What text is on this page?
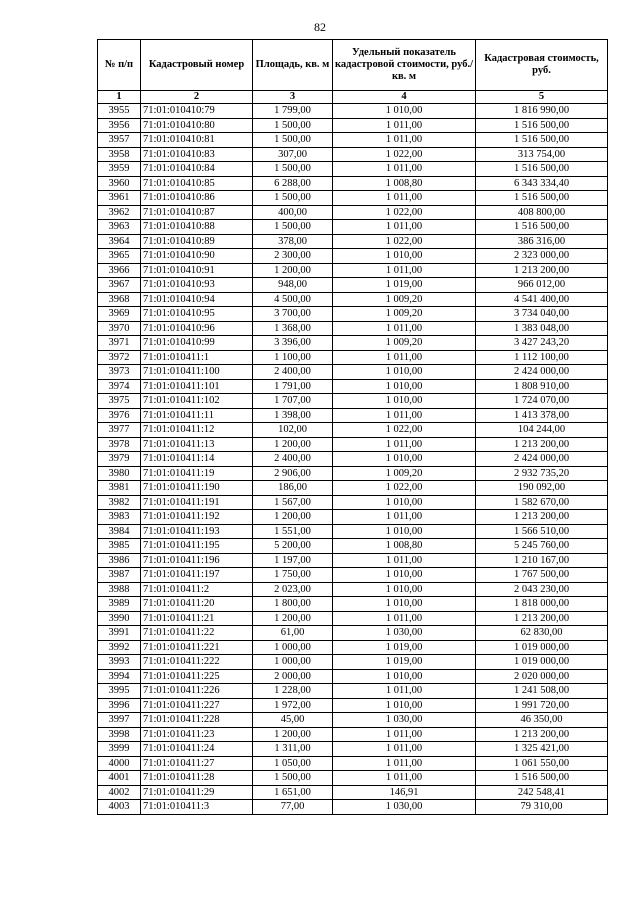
82
№ п/п	Кадастровый номер	Площадь, кв. м	Удельный показатель кадастровой стоимости, руб./кв. м	Кадастровая стоимость, руб.
1	2	3	4	5
3955	71:01:010410:79	1 799,00	1 010,00	1 816 990,00
3956	71:01:010410:80	1 500,00	1 011,00	1 516 500,00
3957	71:01:010410:81	1 500,00	1 011,00	1 516 500,00
3958	71:01:010410:83	307,00	1 022,00	313 754,00
3959	71:01:010410:84	1 500,00	1 011,00	1 516 500,00
3960	71:01:010410:85	6 288,00	1 008,80	6 343 334,40
3961	71:01:010410:86	1 500,00	1 011,00	1 516 500,00
3962	71:01:010410:87	400,00	1 022,00	408 800,00
3963	71:01:010410:88	1 500,00	1 011,00	1 516 500,00
3964	71:01:010410:89	378,00	1 022,00	386 316,00
3965	71:01:010410:90	2 300,00	1 010,00	2 323 000,00
3966	71:01:010410:91	1 200,00	1 011,00	1 213 200,00
3967	71:01:010410:93	948,00	1 019,00	966 012,00
3968	71:01:010410:94	4 500,00	1 009,20	4 541 400,00
3969	71:01:010410:95	3 700,00	1 009,20	3 734 040,00
3970	71:01:010410:96	1 368,00	1 011,00	1 383 048,00
3971	71:01:010410:99	3 396,00	1 009,20	3 427 243,20
3972	71:01:010411:1	1 100,00	1 011,00	1 112 100,00
3973	71:01:010411:100	2 400,00	1 010,00	2 424 000,00
3974	71:01:010411:101	1 791,00	1 010,00	1 808 910,00
3975	71:01:010411:102	1 707,00	1 010,00	1 724 070,00
3976	71:01:010411:11	1 398,00	1 011,00	1 413 378,00
3977	71:01:010411:12	102,00	1 022,00	104 244,00
3978	71:01:010411:13	1 200,00	1 011,00	1 213 200,00
3979	71:01:010411:14	2 400,00	1 010,00	2 424 000,00
3980	71:01:010411:19	2 906,00	1 009,20	2 932 735,20
3981	71:01:010411:190	186,00	1 022,00	190 092,00
3982	71:01:010411:191	1 567,00	1 010,00	1 582 670,00
3983	71:01:010411:192	1 200,00	1 011,00	1 213 200,00
3984	71:01:010411:193	1 551,00	1 010,00	1 566 510,00
3985	71:01:010411:195	5 200,00	1 008,80	5 245 760,00
3986	71:01:010411:196	1 197,00	1 011,00	1 210 167,00
3987	71:01:010411:197	1 750,00	1 010,00	1 767 500,00
3988	71:01:010411:2	2 023,00	1 010,00	2 043 230,00
3989	71:01:010411:20	1 800,00	1 010,00	1 818 000,00
3990	71:01:010411:21	1 200,00	1 011,00	1 213 200,00
3991	71:01:010411:22	61,00	1 030,00	62 830,00
3992	71:01:010411:221	1 000,00	1 019,00	1 019 000,00
3993	71:01:010411:222	1 000,00	1 019,00	1 019 000,00
3994	71:01:010411:225	2 000,00	1 010,00	2 020 000,00
3995	71:01:010411:226	1 228,00	1 011,00	1 241 508,00
3996	71:01:010411:227	1 972,00	1 010,00	1 991 720,00
3997	71:01:010411:228	45,00	1 030,00	46 350,00
3998	71:01:010411:23	1 200,00	1 011,00	1 213 200,00
3999	71:01:010411:24	1 311,00	1 011,00	1 325 421,00
4000	71:01:010411:27	1 050,00	1 011,00	1 061 550,00
4001	71:01:010411:28	1 500,00	1 011,00	1 516 500,00
4002	71:01:010411:29	1 651,00	146,91	242 548,41
4003	71:01:010411:3	77,00	1 030,00	79 310,00
